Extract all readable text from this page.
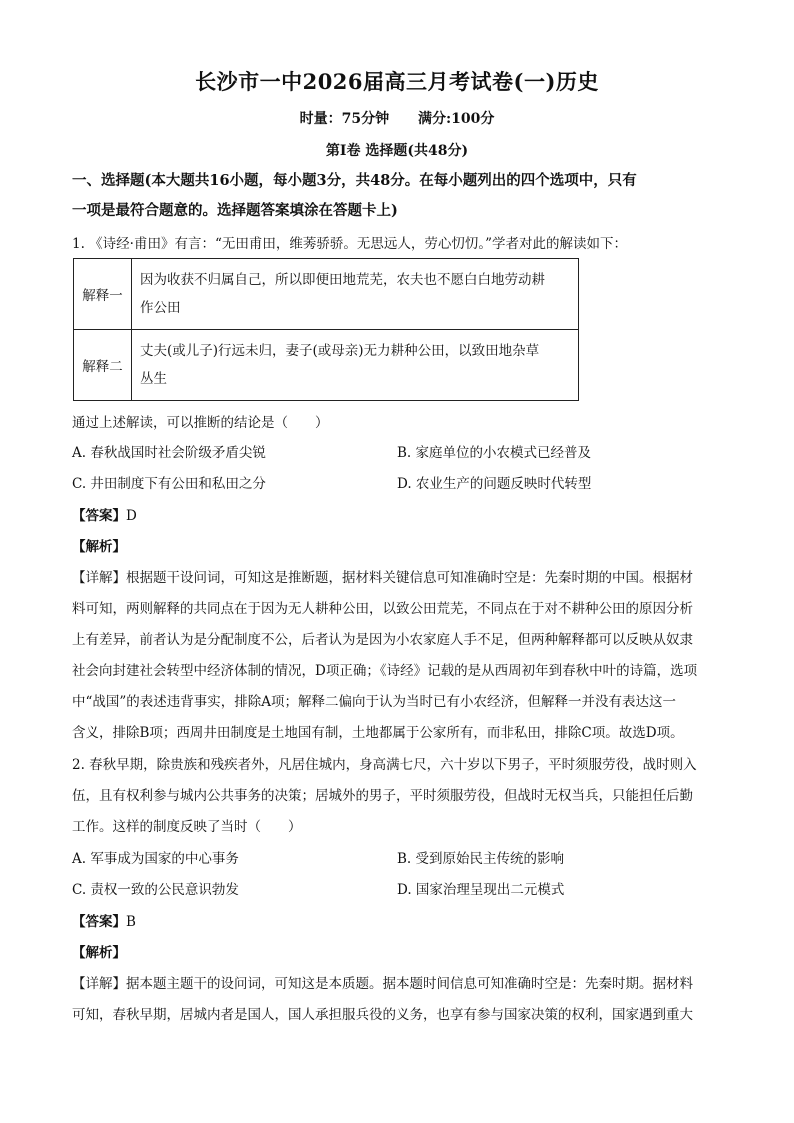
长沙市一中2026届高三月考试卷(一)历史
时量：75分钟 满分:100分
第Ⅰ卷 选择题(共48分)
一、选择题(本大题共16小题，每小题3分，共48分。在每小题列出的四个选项中，只有
一项是最符合题意的。选择题答案填涂在答题卡上)
1. 《诗经·甫田》有言：“无田甫田，维莠骄骄。无思远人，劳心忉忉。”学者对此的解读如下：
解释一	因为收获不归属自己，所以即便田地荒芜，农夫也不愿白白地劳动耕
作公田

解释二	丈夫(或儿子)行远未归，妻子(或母亲)无力耕种公田，以致田地杂草
丛生
通过上述解读，可以推断的结论是（　　）
A. 春秋战国时社会阶级矛盾尖锐	B. 家庭单位的小农模式已经普及
C. 井田制度下有公田和私田之分	D. 农业生产的问题反映时代转型
【答案】D
【解析】

【详解】根据题干设问词，可知这是推断题，据材料关键信息可知准确时空是：先秦时期的中国。根据材

料可知，两则解释的共同点在于因为无人耕种公田，以致公田荒芜，不同点在于对不耕种公田的原因分析

上有差异，前者认为是分配制度不公，后者认为是因为小农家庭人手不足，但两种解释都可以反映从奴隶

社会向封建社会转型中经济体制的情况，D项正确；《诗经》记载的是从西周初年到春秋中叶的诗篇，选项

中“战国”的表述违背事实，排除A项；解释二偏向于认为当时已有小农经济，但解释一并没有表达这一

含义，排除B项；西周井田制度是土地国有制，土地都属于公家所有，而非私田，排除C项。故选D项。

2. 春秋早期，除贵族和残疾者外，凡居住城内，身高满七尺，六十岁以下男子，平时须服劳役，战时则入

伍，且有权利参与城内公共事务的决策；居城外的男子，平时须服劳役，但战时无权当兵，只能担任后勤

工作。这样的制度反映了当时（　　）

A. 军事成为国家的中心事务	B. 受到原始民主传统的影响
C. 责权一致的公民意识勃发	D. 国家治理呈现出二元模式
【答案】B
【解析】

【详解】据本题主题干的设问词，可知这是本质题。据本题时间信息可知准确时空是：先秦时期。据材料

可知，春秋早期，居城内者是国人，国人承担服兵役的义务，也享有参与国家决策的权利，国家遇到重大
